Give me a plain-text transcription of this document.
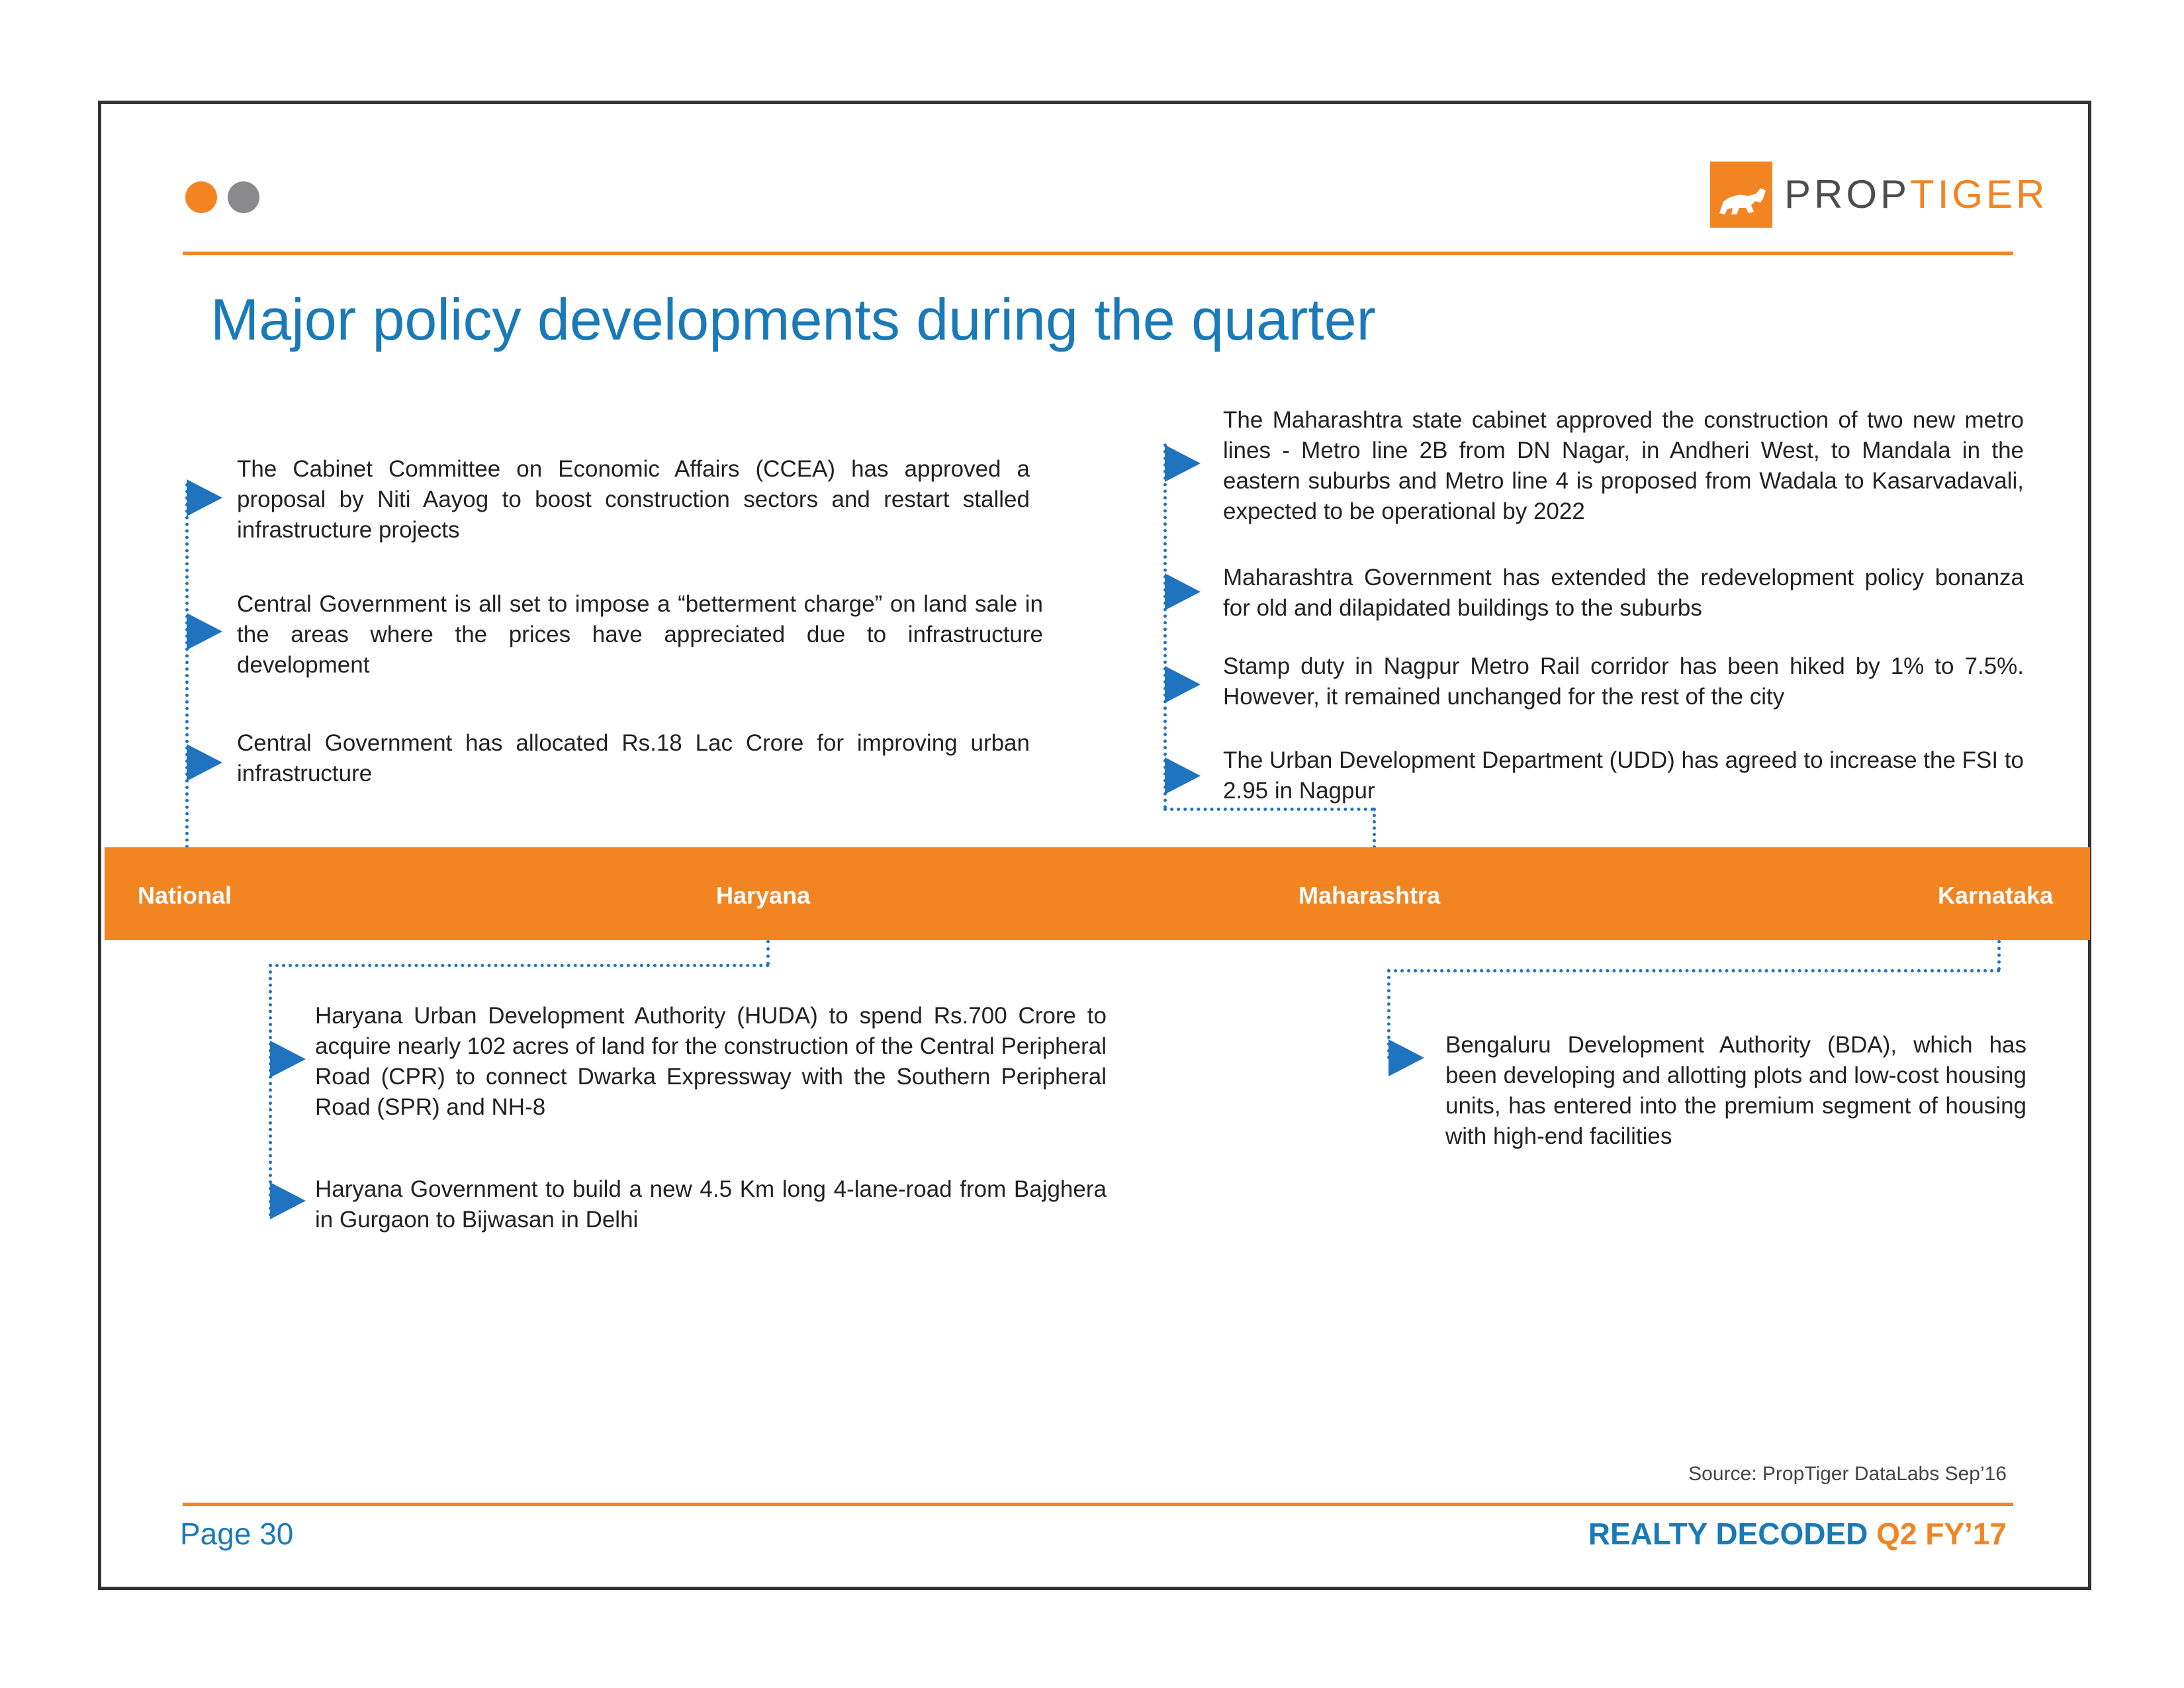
PROPTIGER
Major policy developments during the quarter
The Cabinet Committee on Economic Affairs (CCEA) has approved a proposal by Niti Aayog to boost construction sectors and restart stalled infrastructure projects
Central Government is all set to impose a “betterment charge” on land sale in the areas where the prices have appreciated due to infrastructure development
Central Government has allocated Rs.18 Lac Crore for improving urban infrastructure
The Maharashtra state cabinet approved the construction of two new metro lines - Metro line 2B from DN Nagar, in Andheri West, to Mandala in the eastern suburbs and Metro line 4 is proposed from Wadala to Kasarvadavali, expected to be operational by 2022
Maharashtra Government has extended the redevelopment policy bonanza for old and dilapidated buildings to the suburbs
Stamp duty in Nagpur Metro Rail corridor has been hiked by 1% to 7.5%. However, it remained unchanged for the rest of the city
The Urban Development Department (UDD) has agreed to increase the FSI to 2.95 in Nagpur
National	Haryana	Maharashtra	Karnataka
Haryana Urban Development Authority (HUDA) to spend Rs.700 Crore to acquire nearly 102 acres of land for the construction of the Central Peripheral Road (CPR) to connect Dwarka Expressway with the Southern Peripheral Road (SPR) and NH-8
Haryana Government to build a new 4.5 Km long 4-lane-road from Bajghera in Gurgaon to Bijwasan in Delhi
Bengaluru Development Authority (BDA), which has been developing and allotting plots and low-cost housing units, has entered into the premium segment of housing with high-end facilities
Source: PropTiger DataLabs Sep’16
Page 30	REALTY DECODED Q2 FY’17
